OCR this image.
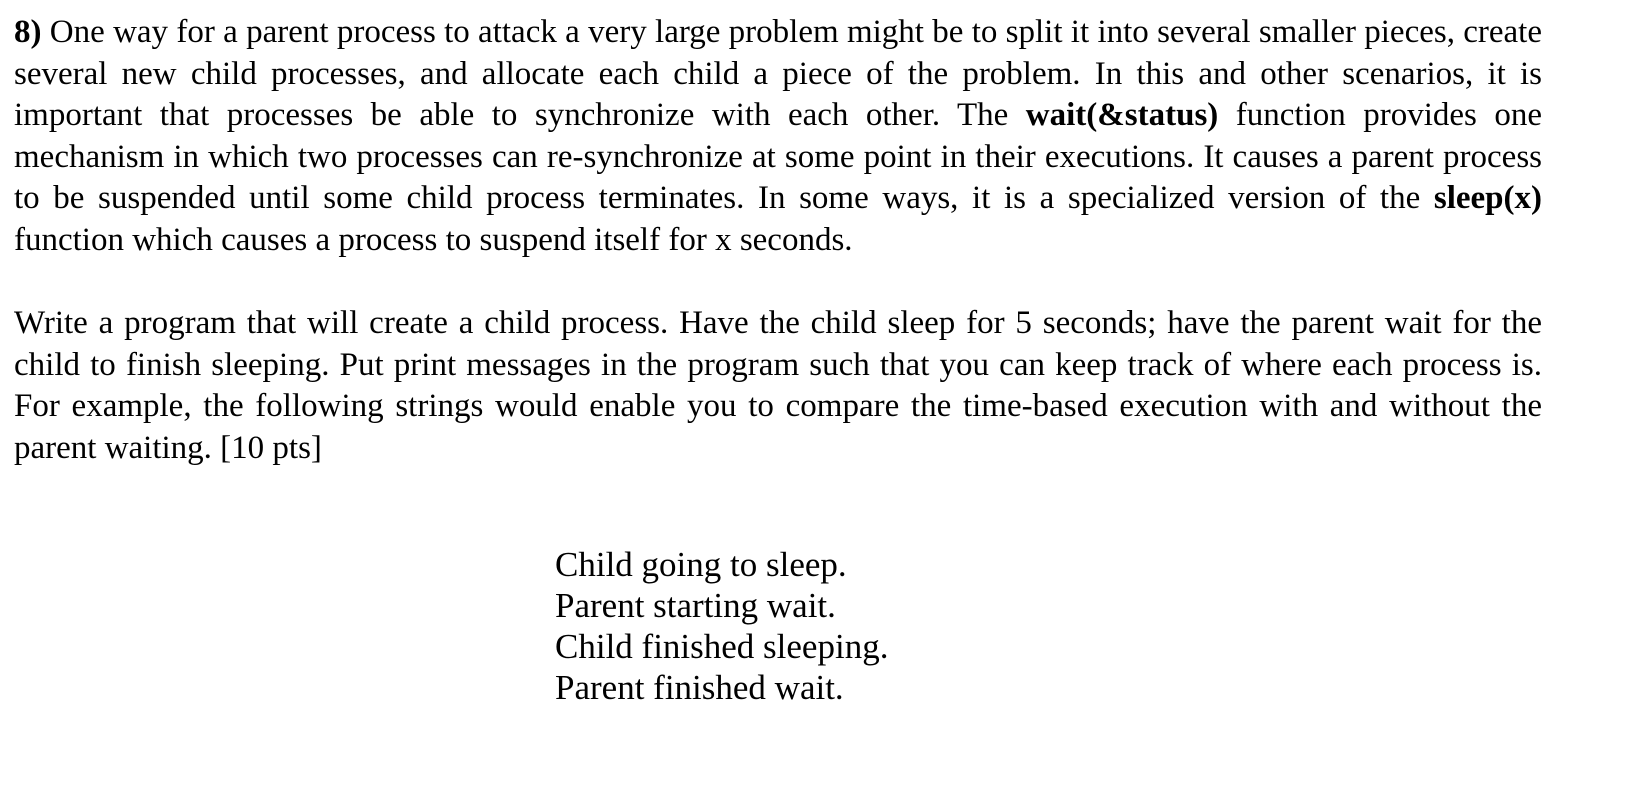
8) One way for a parent process to attack a very large problem might be to split it into several smaller pieces, create several new child processes, and allocate each child a piece of the problem. In this and other scenarios, it is important that processes be able to synchronize with each other. The wait(&status) function provides one mechanism in which two processes can re-synchronize at some point in their executions. It causes a parent process to be suspended until some child process terminates. In some ways, it is a specialized version of the sleep(x) function which causes a process to suspend itself for x seconds.

Write a program that will create a child process. Have the child sleep for 5 seconds; have the parent wait for the child to finish sleeping. Put print messages in the program such that you can keep track of where each process is. For example, the following strings would enable you to compare the time-based execution with and without the parent waiting. [10 pts]

Child going to sleep.
Parent starting wait.
Child finished sleeping.
Parent finished wait.
